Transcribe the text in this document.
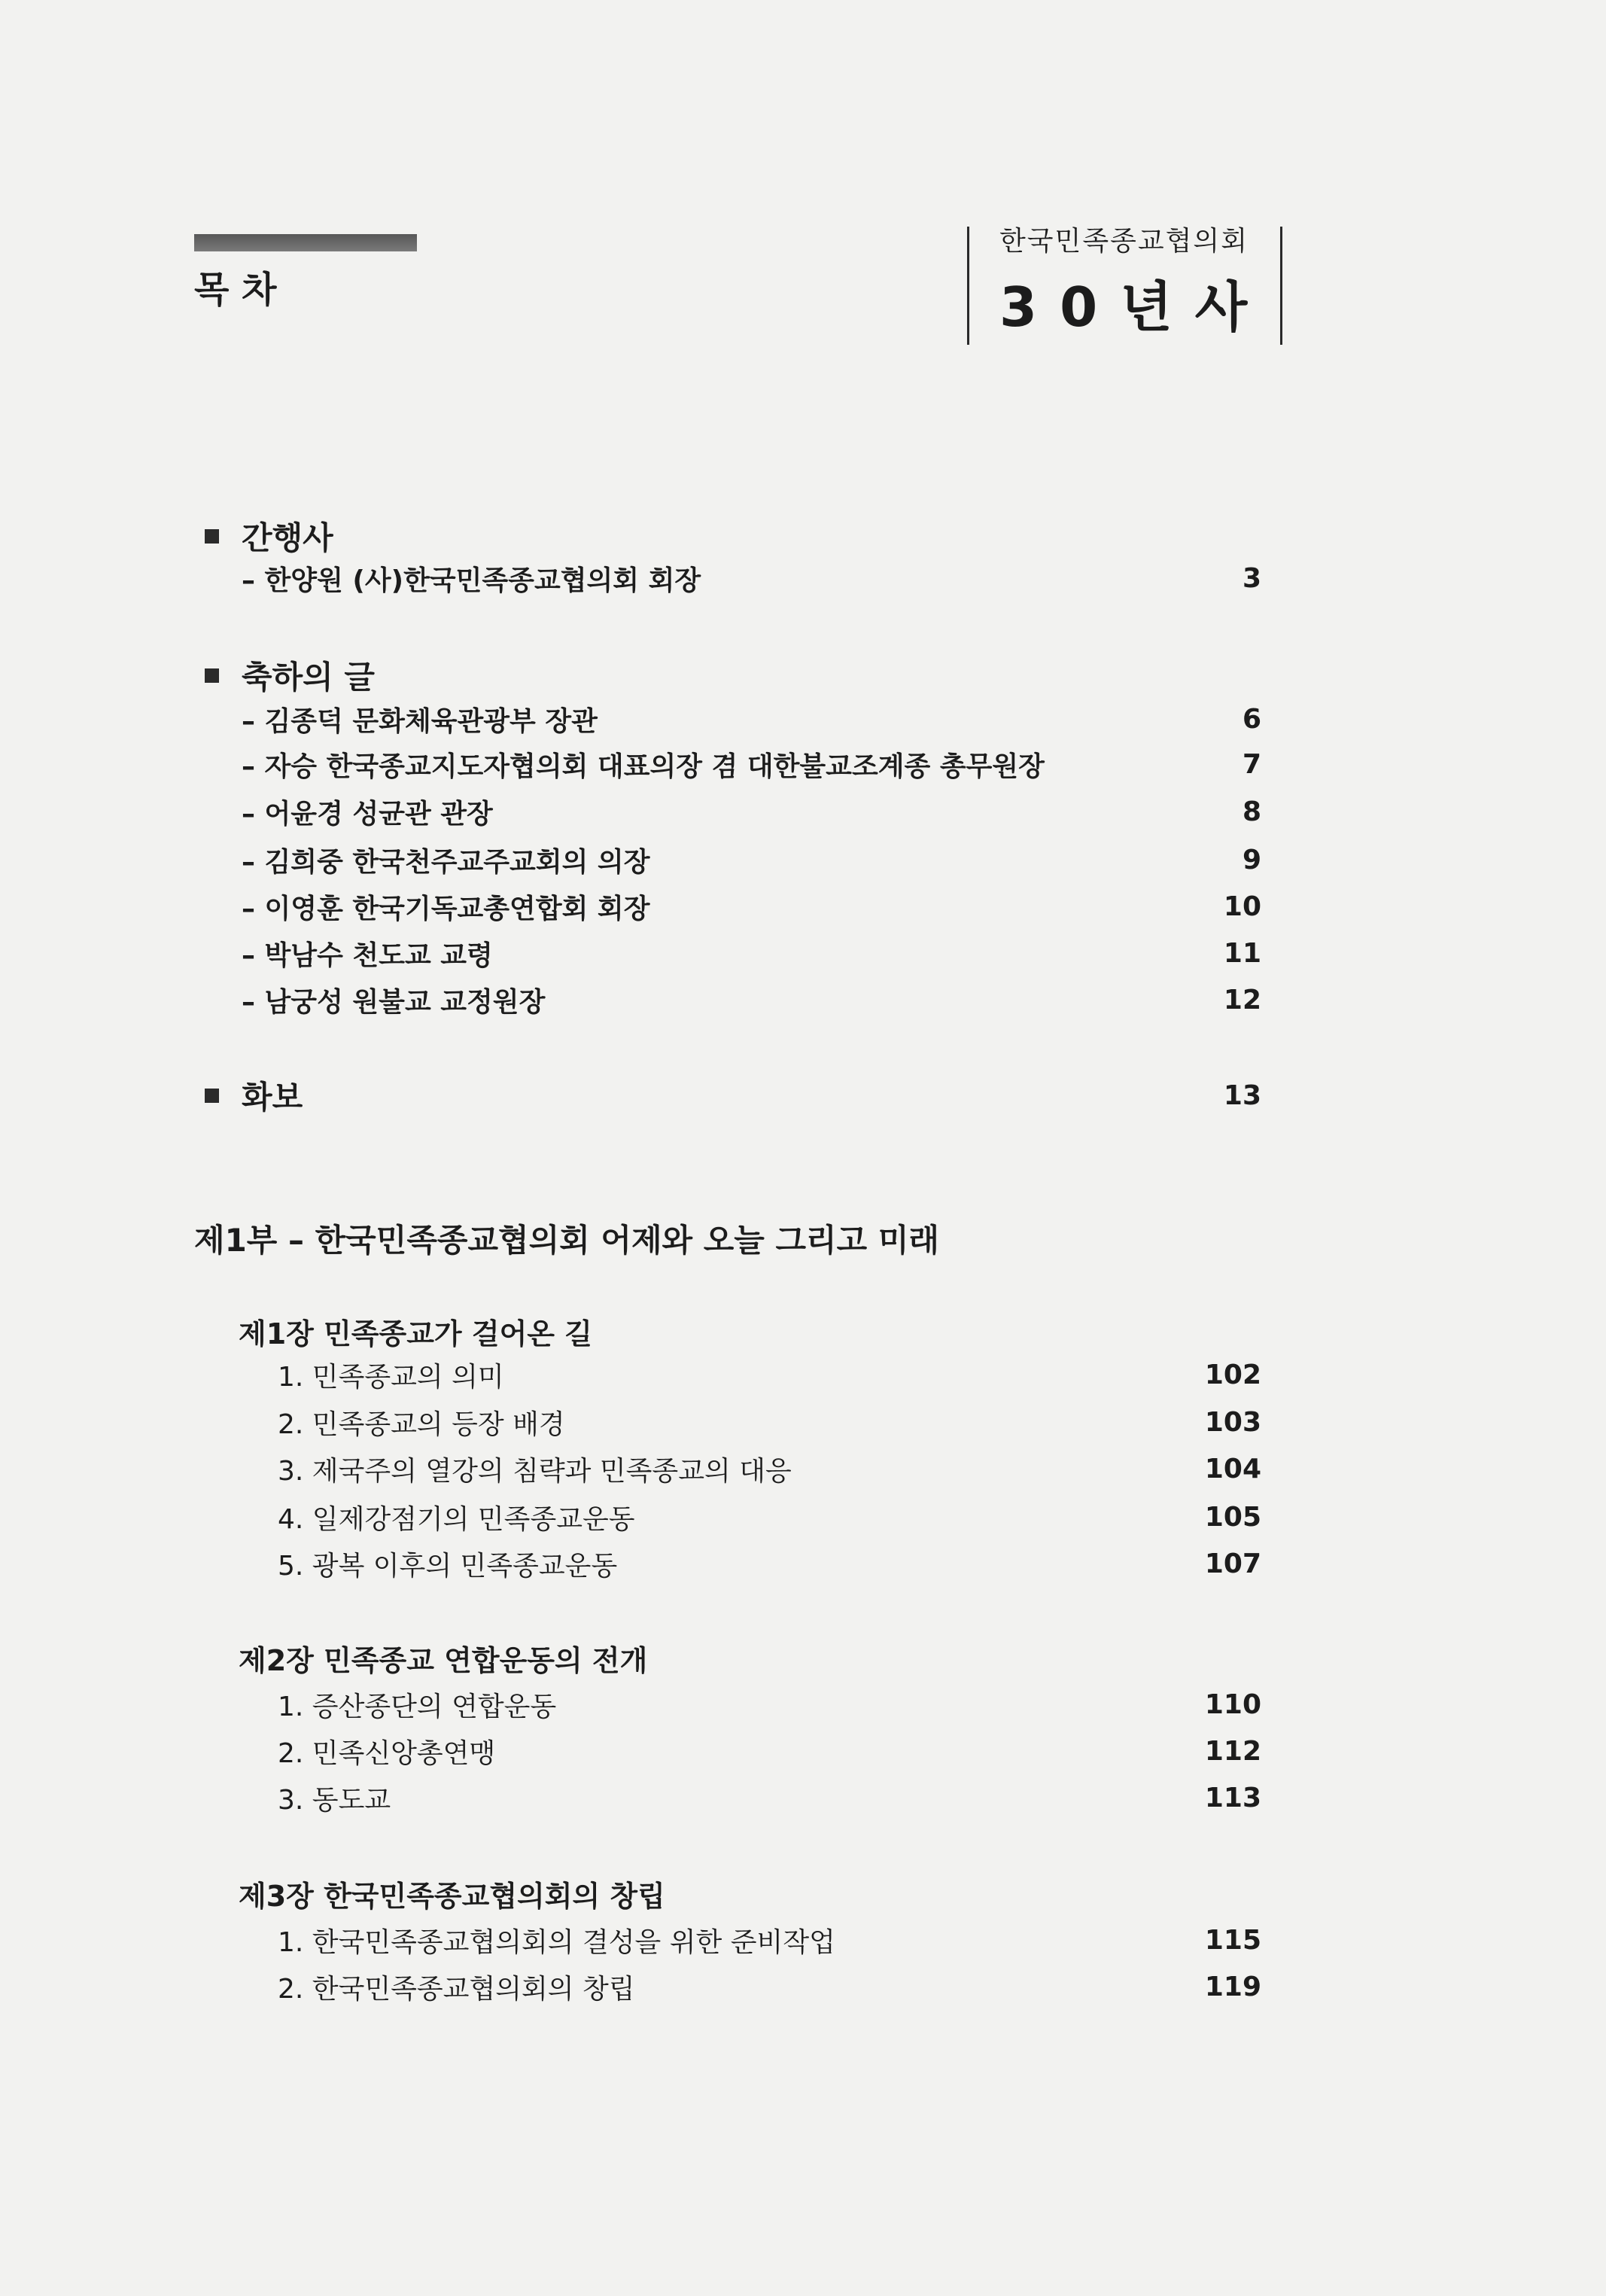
목 차
한국민족종교협의회
30년사
간행사
– 한양원 (사)한국민족종교협의회 회장	3
축하의 글
– 김종덕 문화체육관광부 장관	6
– 자승 한국종교지도자협의회 대표의장 겸 대한불교조계종 총무원장	7
– 어윤경 성균관 관장	8
– 김희중 한국천주교주교회의 의장	9
– 이영훈 한국기독교총연합회 회장	10
– 박남수 천도교 교령	11
– 남궁성 원불교 교정원장	12
화보	13
제1부 – 한국민족종교협의회 어제와 오늘 그리고 미래
제1장 민족종교가 걸어온 길
1. 민족종교의 의미	102
2. 민족종교의 등장 배경	103
3. 제국주의 열강의 침략과 민족종교의 대응	104
4. 일제강점기의 민족종교운동	105
5. 광복 이후의 민족종교운동	107
제2장 민족종교 연합운동의 전개
1. 증산종단의 연합운동	110
2. 민족신앙총연맹	112
3. 동도교	113
제3장 한국민족종교협의회의 창립
1. 한국민족종교협의회의 결성을 위한 준비작업	115
2. 한국민족종교협의회의 창립	119
